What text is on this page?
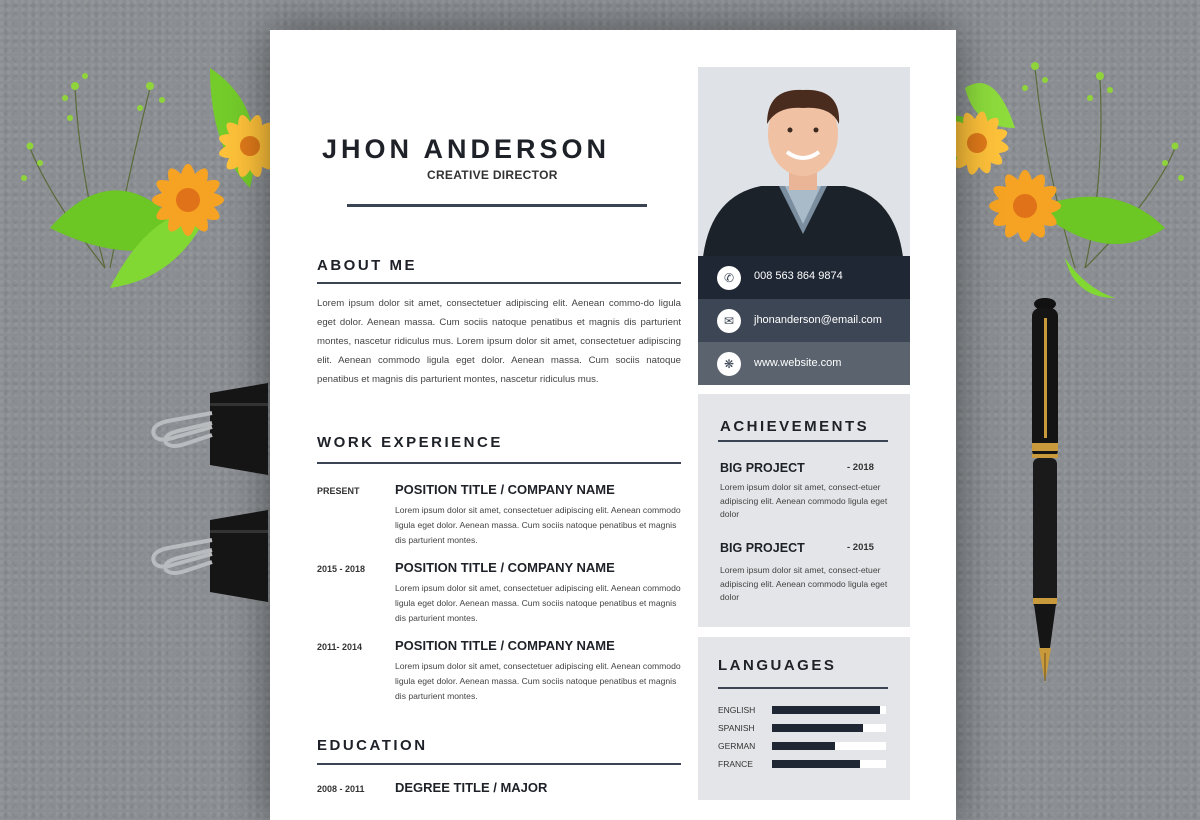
JHON ANDERSON
CREATIVE DIRECTOR
ABOUT ME
Lorem ipsum dolor sit amet, consectetuer adipiscing elit. Aenean commo-do ligula eget dolor. Aenean massa. Cum sociis natoque penatibus et magnis dis parturient montes, nascetur ridiculus mus. Lorem ipsum dolor sit amet, consectetuer adipiscing elit. Aenean commodo ligula eget dolor. Aenean massa. Cum sociis natoque penatibus et magnis dis parturient montes, nascetur ridiculus mus.
WORK EXPERIENCE
PRESENT	POSITION TITLE / COMPANY NAME
Lorem ipsum dolor sit amet, consectetuer adipiscing elit. Aenean commodo ligula eget dolor. Aenean massa. Cum sociis natoque penatibus et magnis dis parturient montes.
2015 - 2018 POSITION TITLE / COMPANY NAME
Lorem ipsum dolor sit amet, consectetuer adipiscing elit. Aenean commodo ligula eget dolor. Aenean massa. Cum sociis natoque penatibus et magnis dis parturient montes.
2011- 2014	POSITION TITLE / COMPANY NAME
Lorem ipsum dolor sit amet, consectetuer adipiscing elit. Aenean commodo ligula eget dolor. Aenean massa. Cum sociis natoque penatibus et magnis dis parturient montes.
EDUCATION
2008 - 2011 DEGREE TITLE / MAJOR
✆	008 563 864 9874
✉	jhonanderson@email.com
❋	www.website.com
ACHIEVEMENTS
BIG PROJECT	- 2018
Lorem ipsum dolor sit amet, consect-etuer adipiscing elit. Aenean commodo ligula eget dolor
BIG PROJECT	- 2015
Lorem ipsum dolor sit amet, consect-etuer adipiscing elit. Aenean commodo ligula eget dolor
LANGUAGES
ENGLISH
SPANISH
GERMAN
FRANCE
